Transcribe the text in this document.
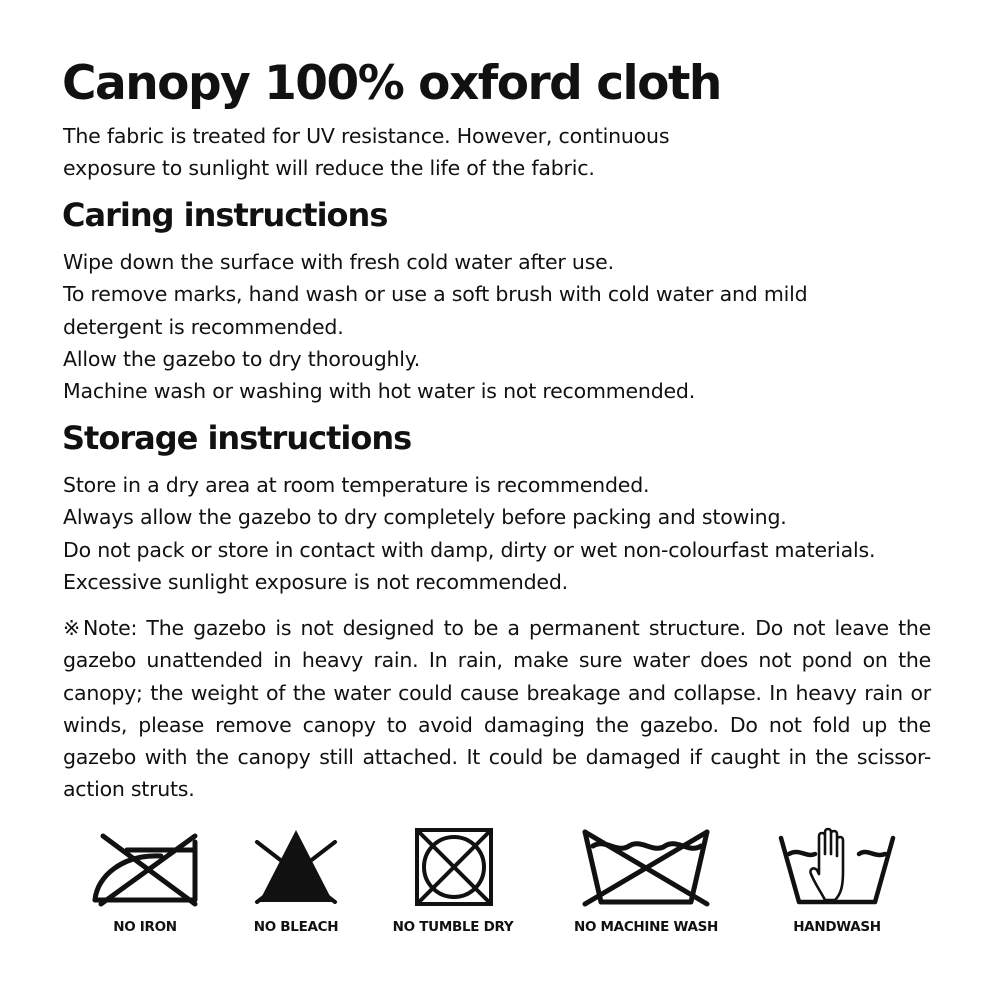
Canopy 100% oxford cloth
The fabric is treated for UV resistance. However, continuous
exposure to sunlight will reduce the life of the fabric.
Caring instructions
Wipe down the surface with fresh cold water after use.
To remove marks, hand wash or use a soft brush with cold water and mild
detergent is recommended.
Allow the gazebo to dry thoroughly.
Machine wash or washing with hot water is not recommended.
Storage instructions
Store in a dry area at room temperature is recommended.
Always allow the gazebo to dry completely before packing and stowing.
Do not pack or store in contact with damp, dirty or wet non-colourfast materials.
Excessive sunlight exposure is not recommended.

※Note: The gazebo is not designed to be a permanent structure. Do not leave the gazebo unattended in heavy rain. In rain, make sure water does not pond on the canopy; the weight of the water could cause breakage and collapse. In heavy rain or winds, please remove canopy to avoid damaging the gazebo. Do not fold up the gazebo with the canopy still attached. It could be damaged if caught in the scissor-action struts.

NO IRON	NO BLEACH	NO TUMBLE DRY	NO MACHINE WASH	HANDWASH
